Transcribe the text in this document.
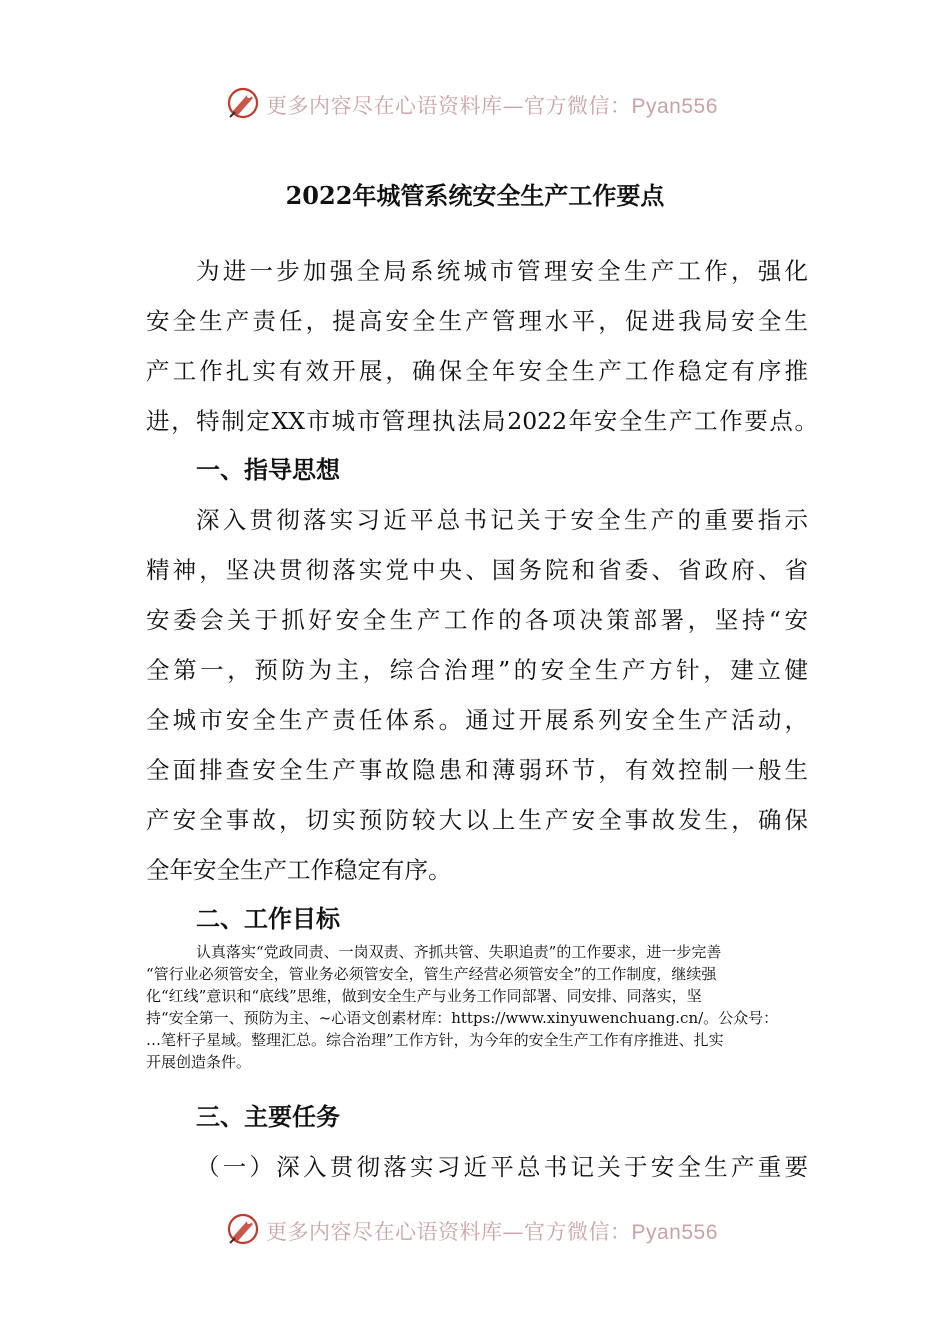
更多内容尽在心语资料库—官方微信：Pyan556
2022年城管系统安全生产工作要点
为进一步加强全局系统城市管理安全生产工作，强化
安全生产责任，提高安全生产管理水平，促进我局安全生
产工作扎实有效开展，确保全年安全生产工作稳定有序推
进，特制定XX市城市管理执法局2022年安全生产工作要点。
一、指导思想
深入贯彻落实习近平总书记关于安全生产的重要指示
精神，坚决贯彻落实党中央、国务院和省委、省政府、省
安委会关于抓好安全生产工作的各项决策部署，坚持“安
全第一，预防为主，综合治理”的安全生产方针，建立健
全城市安全生产责任体系。通过开展系列安全生产活动，
全面排查安全生产事故隐患和薄弱环节，有效控制一般生
产安全事故，切实预防较大以上生产安全事故发生，确保
全年安全生产工作稳定有序。
二、工作目标
认真落实“党政同责、一岗双责、齐抓共管、失职追责”的工作要求，进一步完善
“管行业必须管安全，管业务必须管安全，管生产经营必须管安全”的工作制度，继续强
化“红线”意识和“底线”思维，做到安全生产与业务工作同部署、同安排、同落实，坚
持“安全第一、预防为主、~心语文创素材库：https://www.xinyuwenchuang.cn/。公众号：
…笔杆子星域。整理汇总。综合治理”工作方针，为今年的安全生产工作有序推进、扎实
开展创造条件。
三、主要任务
（一）深入贯彻落实习近平总书记关于安全生产重要
更多内容尽在心语资料库—官方微信：Pyan556
